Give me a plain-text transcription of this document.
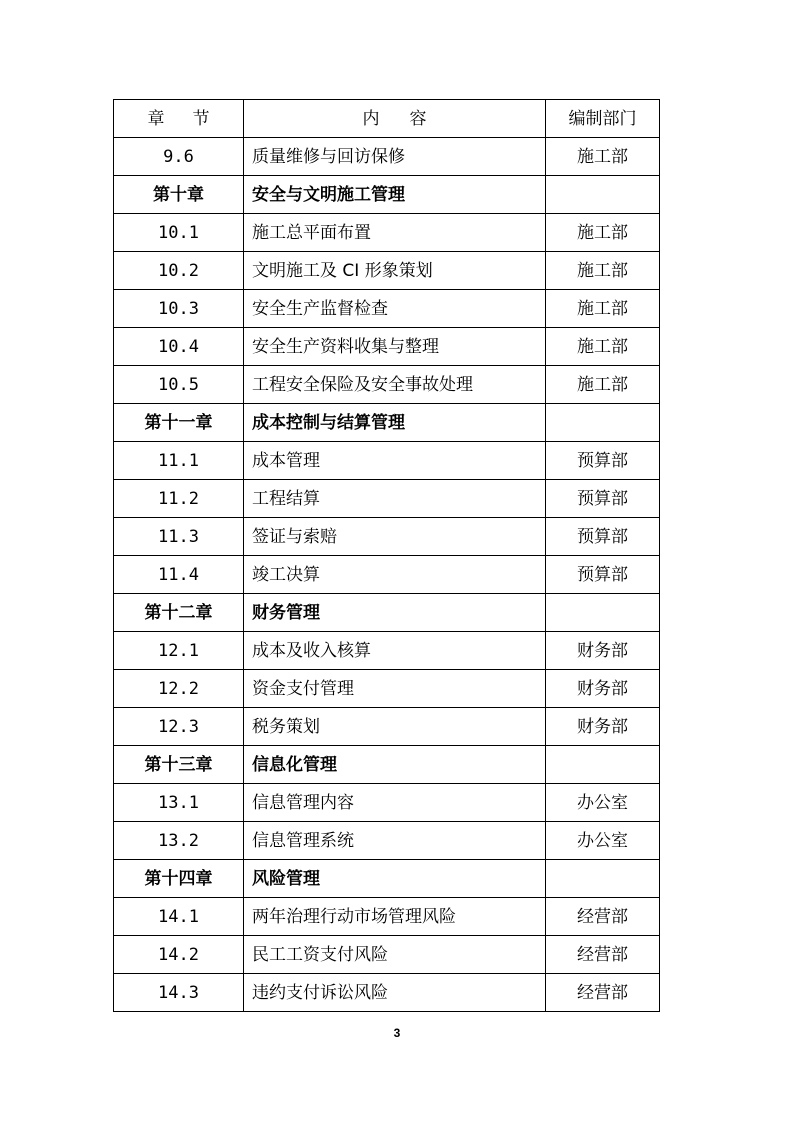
章节	内容	编制部门
9.6	质量维修与回访保修	施工部
第十章	安全与文明施工管理	
10.1	施工总平面布置	施工部
10.2	文明施工及 CI 形象策划	施工部
10.3	安全生产监督检查	施工部
10.4	安全生产资料收集与整理	施工部
10.5	工程安全保险及安全事故处理	施工部
第十一章	成本控制与结算管理	
11.1	成本管理	预算部
11.2	工程结算	预算部
11.3	签证与索赔	预算部
11.4	竣工决算	预算部
第十二章	财务管理	
12.1	成本及收入核算	财务部
12.2	资金支付管理	财务部
12.3	税务策划	财务部
第十三章	信息化管理	
13.1	信息管理内容	办公室
13.2	信息管理系统	办公室
第十四章	风险管理	
14.1	两年治理行动市场管理风险	经营部
14.2	民工工资支付风险	经营部
14.3	违约支付诉讼风险	经营部
3
